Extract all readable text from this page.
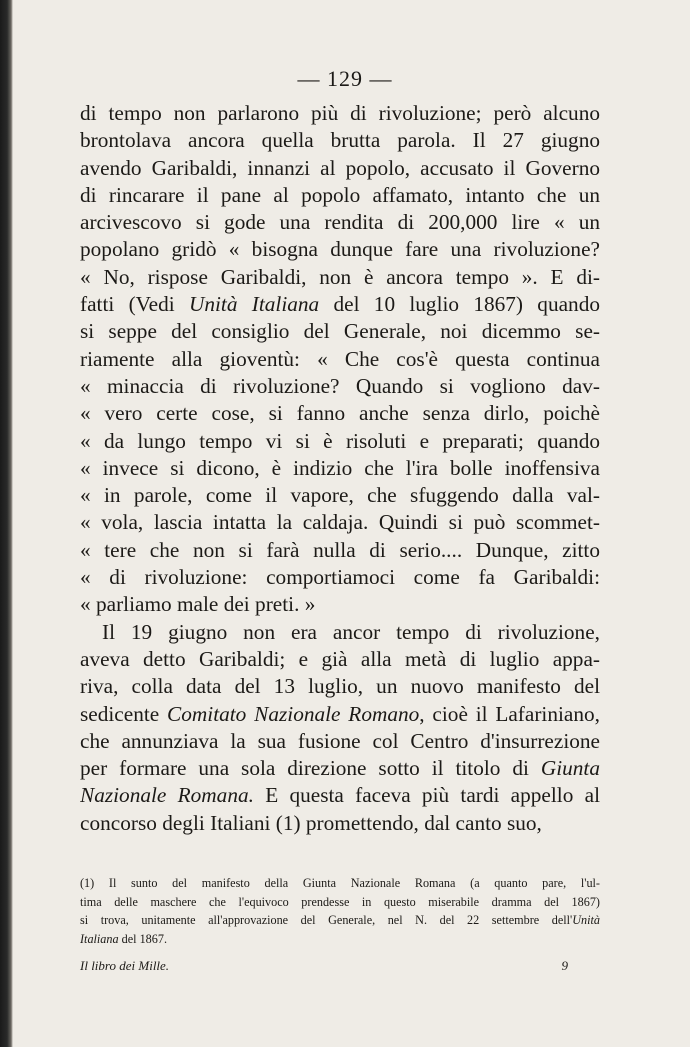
— 129 —
di tempo non parlarono più di rivoluzione; però alcuno
brontolava ancora quella brutta parola. Il 27 giugno
avendo Garibaldi, innanzi al popolo, accusato il Governo
di rincarare il pane al popolo affamato, intanto che un
arcivescovo si gode una rendita di 200,000 lire « un
popolano gridò « bisogna dunque fare una rivoluzione?
« No, rispose Garibaldi, non è ancora tempo ». E di-
fatti (Vedi Unità Italiana del 10 luglio 1867) quando
si seppe del consiglio del Generale, noi dicemmo se-
riamente alla gioventù: « Che cos'è questa continua
« minaccia di rivoluzione? Quando si vogliono dav-
« vero certe cose, si fanno anche senza dirlo, poichè
« da lungo tempo vi si è risoluti e preparati; quando
« invece si dicono, è indizio che l'ira bolle inoffensiva
« in parole, come il vapore, che sfuggendo dalla val-
« vola, lascia intatta la caldaja. Quindi si può scommet-
« tere che non si farà nulla di serio.... Dunque, zitto
« di rivoluzione: comportiamoci come fa Garibaldi:
« parliamo male dei preti. »
Il 19 giugno non era ancor tempo di rivoluzione,
aveva detto Garibaldi; e già alla metà di luglio appa-
riva, colla data del 13 luglio, un nuovo manifesto del
sedicente Comitato Nazionale Romano, cioè il Lafariniano,
che annunziava la sua fusione col Centro d'insurrezione
per formare una sola direzione sotto il titolo di Giunta
Nazionale Romana. E questa faceva più tardi appello al
concorso degli Italiani (1) promettendo, dal canto suo,
(1) Il sunto del manifesto della Giunta Nazionale Romana (a quanto pare, l'ul-
tima delle maschere che l'equivoco prendesse in questo miserabile dramma del 1867)
si trova, unitamente all'approvazione del Generale, nel N. del 22 settembre dell'Unità
Italiana del 1867.
Il libro dei Mille.	9
